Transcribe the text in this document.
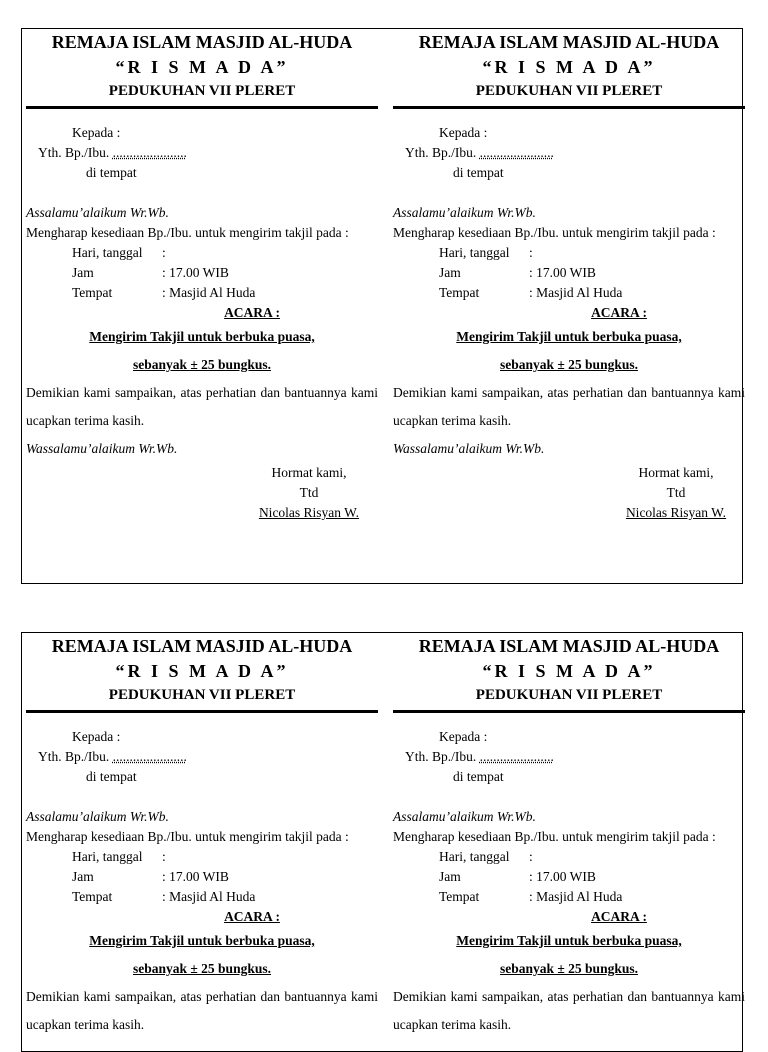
REMAJA ISLAM MASJID AL-HUDA
“R I S M A D A”
PEDUKUHAN VII PLERET
Kepada :
Yth. Bp./Ibu. ......................
di tempat
Assalamu’alaikum Wr.Wb.
Mengharap kesediaan Bp./Ibu. untuk mengirim takjil pada :
Hari, tanggal	:
Jam	: 17.00 WIB
Tempat	: Masjid Al Huda
ACARA :
Mengirim Takjil untuk berbuka puasa,
sebanyak ± 25 bungkus.
Demikian kami sampaikan, atas perhatian dan bantuannya kami ucapkan terima kasih.
Wassalamu’alaikum Wr.Wb.
Hormat kami,
Ttd
Nicolas Risyan W.
REMAJA ISLAM MASJID AL-HUDA
“R I S M A D A”
PEDUKUHAN VII PLERET
Kepada :
Yth. Bp./Ibu. ......................
di tempat
Assalamu’alaikum Wr.Wb.
Mengharap kesediaan Bp./Ibu. untuk mengirim takjil pada :
Hari, tanggal	:
Jam	: 17.00 WIB
Tempat	: Masjid Al Huda
ACARA :
Mengirim Takjil untuk berbuka puasa,
sebanyak ± 25 bungkus.
Demikian kami sampaikan, atas perhatian dan bantuannya kami ucapkan terima kasih.
Wassalamu’alaikum Wr.Wb.
Hormat kami,
Ttd
Nicolas Risyan W.
REMAJA ISLAM MASJID AL-HUDA
“R I S M A D A”
PEDUKUHAN VII PLERET
Kepada :
Yth. Bp./Ibu. ......................
di tempat
Assalamu’alaikum Wr.Wb.
Mengharap kesediaan Bp./Ibu. untuk mengirim takjil pada :
Hari, tanggal	:
Jam	: 17.00 WIB
Tempat	: Masjid Al Huda
ACARA :
Mengirim Takjil untuk berbuka puasa,
sebanyak ± 25 bungkus.
Demikian kami sampaikan, atas perhatian dan bantuannya kami ucapkan terima kasih.
REMAJA ISLAM MASJID AL-HUDA
“R I S M A D A”
PEDUKUHAN VII PLERET
Kepada :
Yth. Bp./Ibu. ......................
di tempat
Assalamu’alaikum Wr.Wb.
Mengharap kesediaan Bp./Ibu. untuk mengirim takjil pada :
Hari, tanggal	:
Jam	: 17.00 WIB
Tempat	: Masjid Al Huda
ACARA :
Mengirim Takjil untuk berbuka puasa,
sebanyak ± 25 bungkus.
Demikian kami sampaikan, atas perhatian dan bantuannya kami ucapkan terima kasih.
